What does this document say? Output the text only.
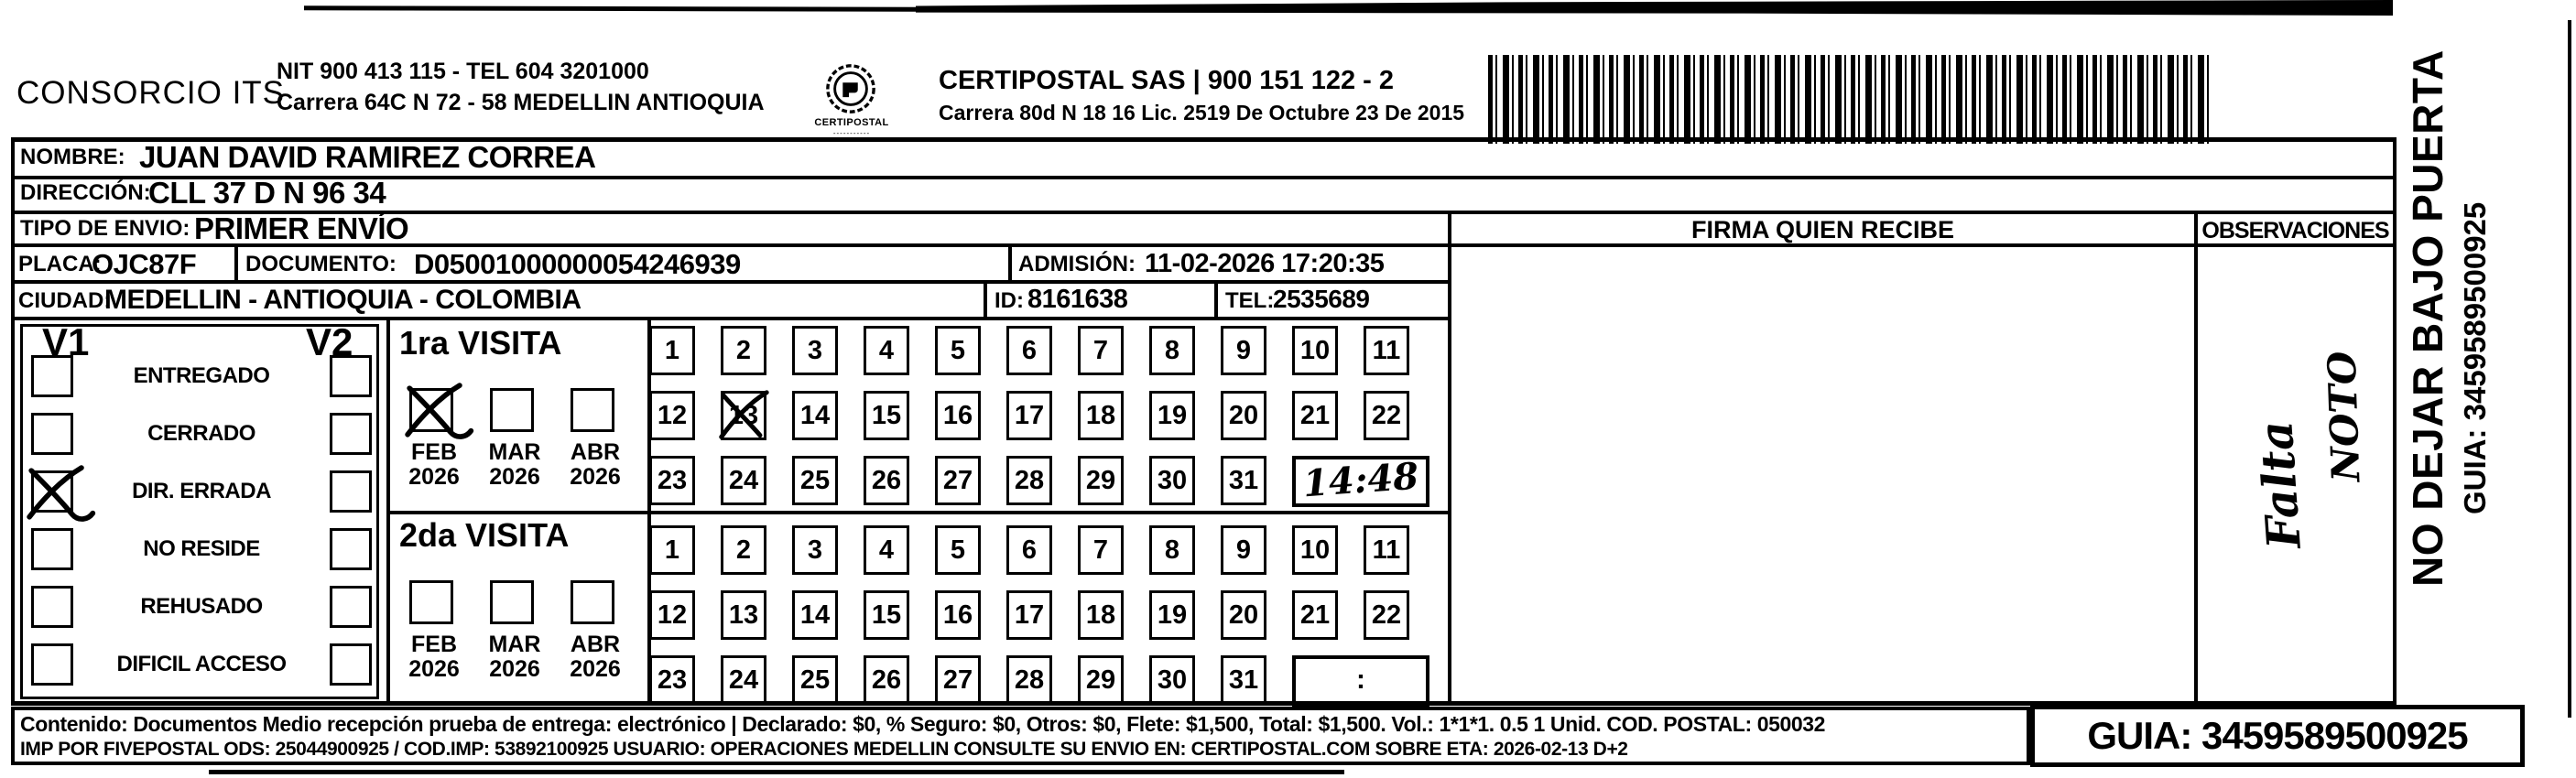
CONSORCIO ITS
NIT 900 413 115 - TEL 604 3201000
Carrera 64C N 72 - 58 MEDELLIN ANTIOQUIA
CERTIPOSTAL
-----------
CERTIPOSTAL SAS | 900 151 122 - 2
Carrera 80d N 18 16 Lic. 2519 De Octubre 23 De 2015
NOMBRE: JUAN DAVID RAMIREZ CORREA
DIRECCIÓN:
CLL 37 D N 96 34
TIPO DE ENVIO: PRIMER ENVÍO
PLACA:
OJC87F DOCUMENTO: D05001000000054246939	ADMISIÓN: 11-02-2026 17:20:35
CIUDAD:
MEDELLIN - ANTIOQUIA - COLOMBIA	ID: 8161638	TEL:
2535689
FIRMA QUIEN RECIBE	OBSERVACIONES
V1	V2
ENTREGADO
CERRADO
DIR. ERRADA
NO RESIDE
REHUSADO
DIFICIL ACCESO
1ra VISITA
FEB
2026
MAR
2026
ABR
2026
1	2	3	4	5	6	7	8	9	10	11
12	13	14	15	16	17	18	19	20	21	22
23	24	25	26	27	28	29	30	31 14:48
2da VISITA
FEB
2026
MAR
2026
ABR
2026
1	2	3	4	5	6	7	8	9	10	11
12	13	14	15	16	17	18	19	20	21	22
23	24	25	26	27	28	29	30	31	:
Falta
NOTO NO DEJAR BAJO PUERTA GUIA: 3459589500925
Contenido: Documentos Medio recepción prueba de entrega: electrónico | Declarado: $0, % Seguro: $0, Otros: $0, Flete: $1,500, Total: $1,500. Vol.: 1*1*1. 0.5 1 Unid. COD. POSTAL: 050032
IMP POR FIVEPOSTAL ODS: 25044900925 / COD.IMP: 53892100925 USUARIO: OPERACIONES MEDELLIN CONSULTE SU ENVIO EN: CERTIPOSTAL.COM SOBRE ETA: 2026-02-13 D+2	GUIA: 3459589500925
